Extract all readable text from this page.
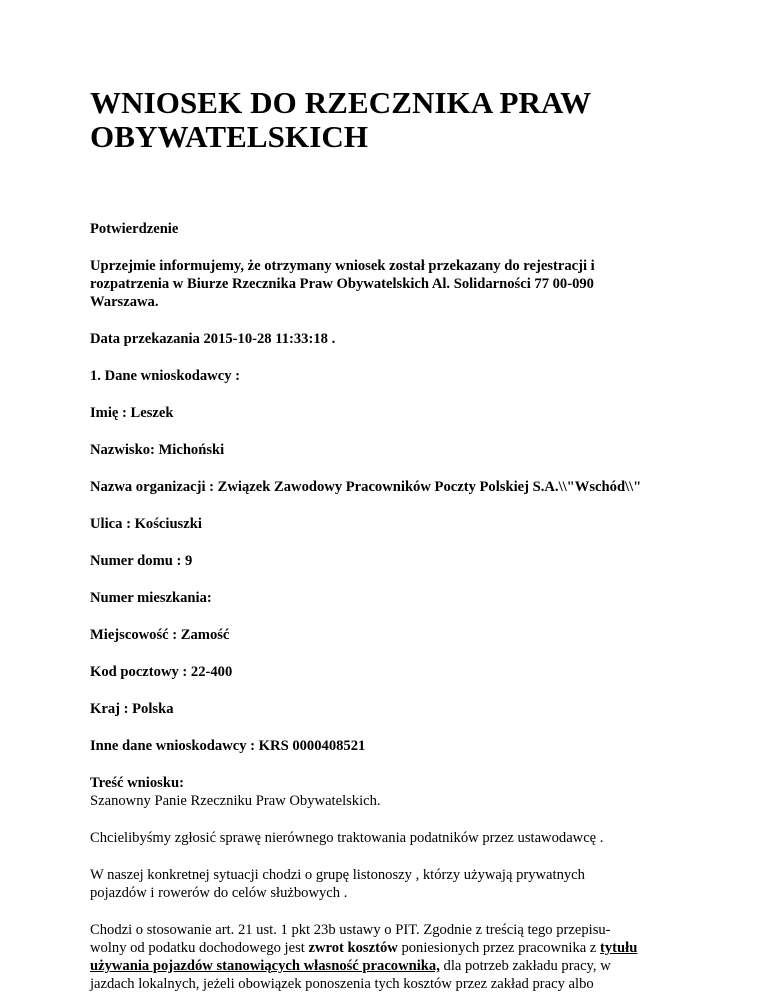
WNIOSEK DO RZECZNIKA PRAW
OBYWATELSKICH

Potwierdzenie

Uprzejmie informujemy, że otrzymany wniosek został przekazany do rejestracji i
rozpatrzenia w Biurze Rzecznika Praw Obywatelskich Al. Solidarności 77 00-090
Warszawa.

Data przekazania 2015-10-28 11:33:18 .

1. Dane wnioskodawcy :

Imię : Leszek

Nazwisko: Michoński

Nazwa organizacji : Związek Zawodowy Pracowników Poczty Polskiej S.A.\\"Wschód\\"

Ulica : Kościuszki

Numer domu : 9

Numer mieszkania:

Miejscowość : Zamość

Kod pocztowy : 22-400

Kraj : Polska

Inne dane wnioskodawcy : KRS 0000408521

Treść wniosku:
Szanowny Panie Rzeczniku Praw Obywatelskich.

Chcielibyśmy zgłosić sprawę nierównego traktowania podatników przez ustawodawcę .

W naszej konkretnej sytuacji chodzi o grupę listonoszy , którzy używają prywatnych
pojazdów i rowerów do celów służbowych .

Chodzi o stosowanie art. 21 ust. 1 pkt 23b ustawy o PIT. Zgodnie z treścią tego przepisu-
wolny od podatku dochodowego jest zwrot kosztów poniesionych przez pracownika z tytułu
używania pojazdów stanowiących własność pracownika, dla potrzeb zakładu pracy, w
jazdach lokalnych, jeżeli obowiązek ponoszenia tych kosztów przez zakład pracy albo
